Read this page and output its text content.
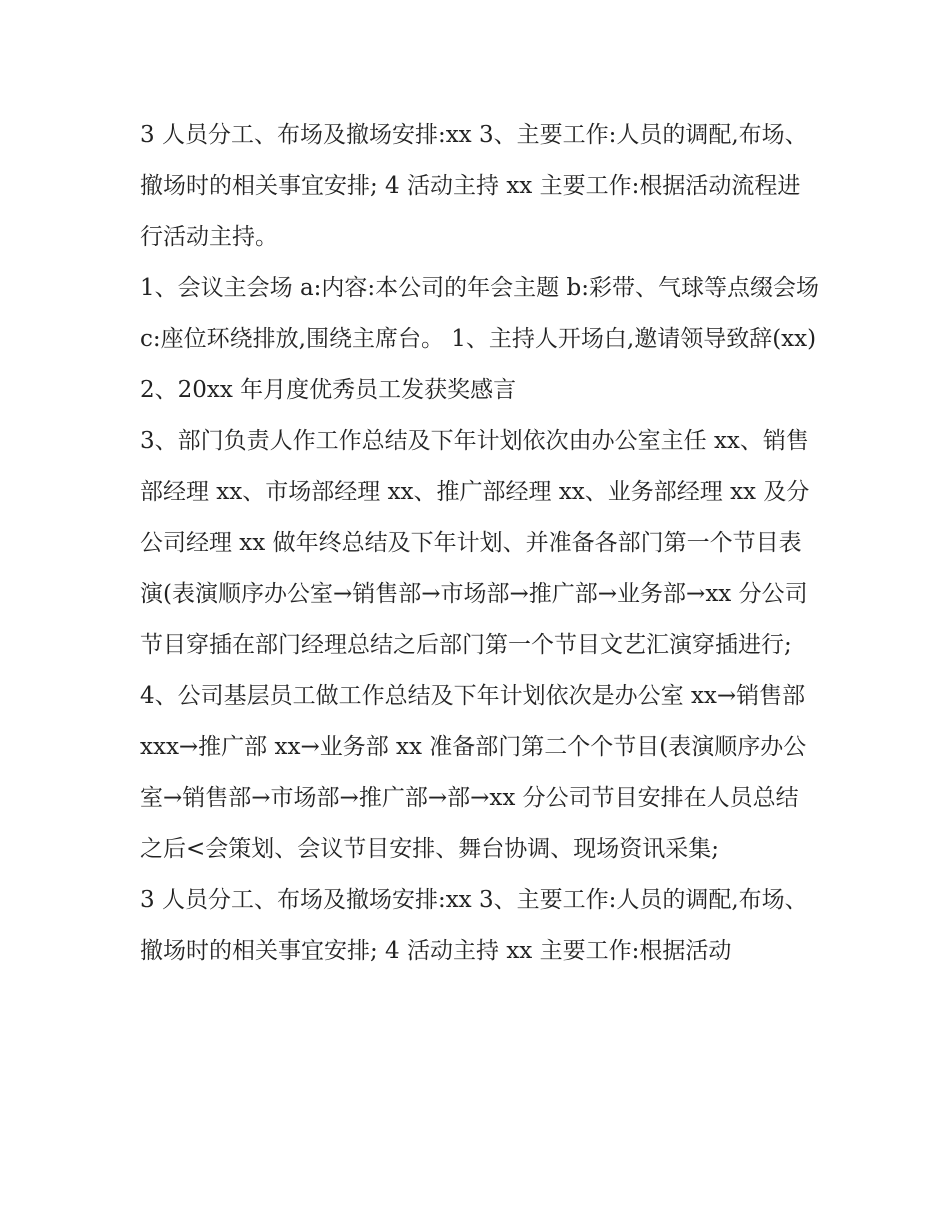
3 人员分工、布场及撤场安排:xx 3、主要工作:人员的调配,布场、撤场时的相关事宜安排; 4 活动主持 xx 主要工作:根据活动流程进行活动主持。

1、会议主会场 a:内容:本公司的年会主题 b:彩带、气球等点缀会场 c:座位环绕排放,围绕主席台。 1、主持人开场白,邀请领导致辞(xx)

2、20xx 年月度优秀员工发获奖感言

3、部门负责人作工作总结及下年计划依次由办公室主任 xx、销售部经理 xx、市场部经理 xx、推广部经理 xx、业务部经理 xx 及分公司经理 xx 做年终总结及下年计划、并准备各部门第一个节目表演(表演顺序办公室→销售部→市场部→推广部→业务部→xx 分公司节目穿插在部门经理总结之后部门第一个节目文艺汇演穿插进行;

4、公司基层员工做工作总结及下年计划依次是办公室 xx→销售部 xxx→推广部 xx→业务部 xx 准备部门第二个个节目(表演顺序办公室→销售部→市场部→推广部→部→xx 分公司节目安排在人员总结之后<会策划、会议节目安排、舞台协调、现场资讯采集;

3 人员分工、布场及撤场安排:xx 3、主要工作:人员的调配,布场、撤场时的相关事宜安排; 4 活动主持 xx 主要工作:根据活动
